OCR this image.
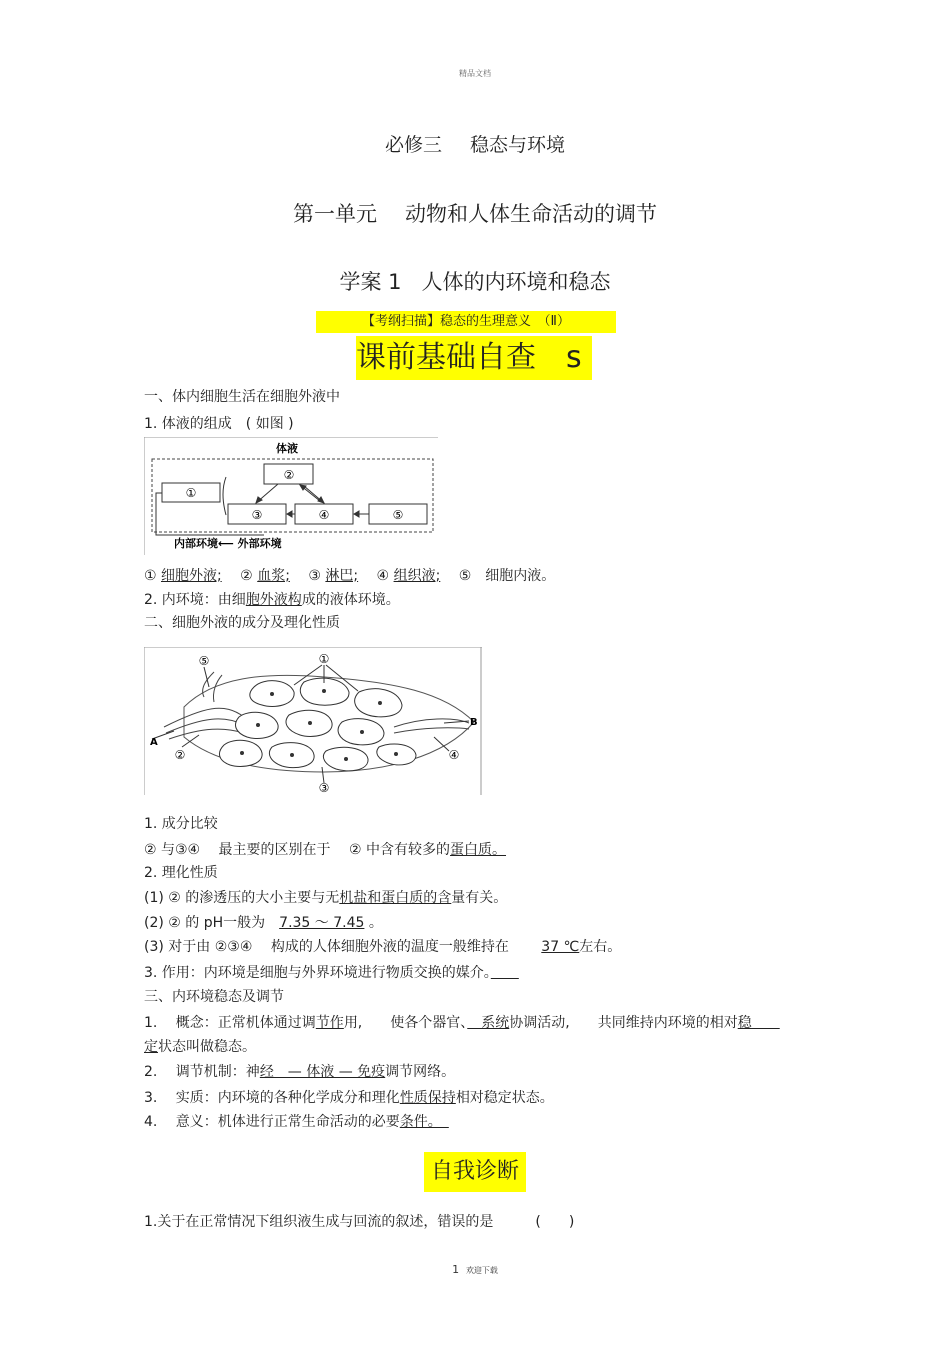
精品文档
必修三 稳态与环境
第一单元 动物和人体生命活动的调节
学案 1 人体的内环境和稳态
【考纲扫描】稳态的生理意义　（Ⅱ）
课前基础自查　s
一、体内细胞生活在细胞外液中
1. 体液的组成　( 如图 )
体液
②
①
③	④	⑤
内部环境⟵ 外部环境
① 细胞外液; 　② 血浆; 　③ 淋巴; 　④ 组织液; 　⑤　细胞内液。
2. 内环境：由细胞外液构成的液体环境。
二、细胞外液的成分及理化性质
①
⑤
②
③
④
A
B
1. 成分比较
② 与③④　 最主要的区别在于　 ② 中含有较多的蛋白质。
2. 理化性质
(1) ② 的渗透压的大小主要与无机盐和蛋白质的含量有关。
(2) ② 的 pH一般为　7.35 ～ 7.45 。
(3) 对于由 ②③④　 构成的人体细胞外液的温度一般维持在　　 37 ℃左右。
3. 作用：内环境是细胞与外界环境进行物质交换的媒介。　　
三、内环境稳态及调节
1.　 概念：正常机体通过调节作用,　　使各个器官、　系统协调活动,　　共同维持内环境的相对稳　　
定状态叫做稳态。
2.　 调节机制：神经　— 体液 — 免疫调节网络。
3.　 实质：内环境的各种化学成分和理化性质保持相对稳定状态。
4.　 意义：机体进行正常生命活动的必要条件。　
自我诊断
1.关于在正常情况下组织液生成与回流的叙述，错误的是　　　(　　)
1 欢迎下载
